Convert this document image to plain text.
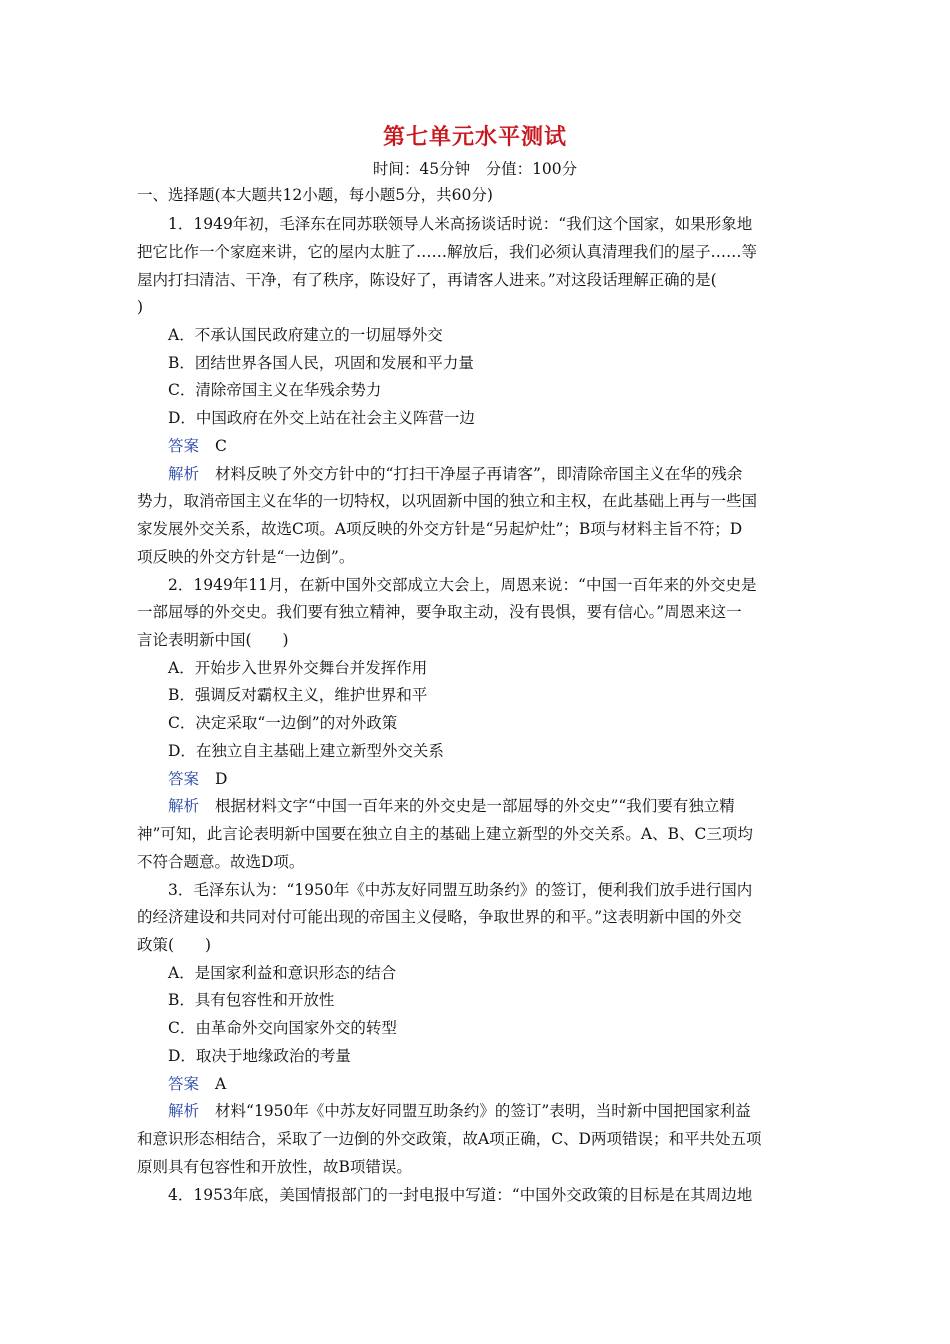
第七单元水平测试
时间：45分钟　分值：100分
一、选择题(本大题共12小题，每小题5分，共60分)
1．1949年初，毛泽东在同苏联领导人米高扬谈话时说：“我们这个国家，如果形象地
把它比作一个家庭来讲，它的屋内太脏了……解放后，我们必须认真清理我们的屋子……等
屋内打扫清洁、干净，有了秩序，陈设好了，再请客人进来。”对这段话理解正确的是(
)
A．不承认国民政府建立的一切屈辱外交
B．团结世界各国人民，巩固和发展和平力量
C．清除帝国主义在华残余势力
D．中国政府在外交上站在社会主义阵营一边
答案 C
解析 材料反映了外交方针中的“打扫干净屋子再请客”，即清除帝国主义在华的残余
势力，取消帝国主义在华的一切特权，以巩固新中国的独立和主权，在此基础上再与一些国
家发展外交关系，故选C项。A项反映的外交方针是“另起炉灶”；B项与材料主旨不符；D
项反映的外交方针是“一边倒”。
2．1949年11月，在新中国外交部成立大会上，周恩来说：“中国一百年来的外交史是
一部屈辱的外交史。我们要有独立精神，要争取主动，没有畏惧，要有信心。”周恩来这一
言论表明新中国(　　)
A．开始步入世界外交舞台并发挥作用
B．强调反对霸权主义，维护世界和平
C．决定采取“一边倒”的对外政策
D．在独立自主基础上建立新型外交关系
答案 D
解析 根据材料文字“中国一百年来的外交史是一部屈辱的外交史”“我们要有独立精
神”可知，此言论表明新中国要在独立自主的基础上建立新型的外交关系。A、B、C三项均
不符合题意。故选D项。
3．毛泽东认为：“1950年《中苏友好同盟互助条约》的签订，便利我们放手进行国内
的经济建设和共同对付可能出现的帝国主义侵略，争取世界的和平。”这表明新中国的外交
政策(　　)
A．是国家利益和意识形态的结合
B．具有包容性和开放性
C．由革命外交向国家外交的转型
D．取决于地缘政治的考量
答案 A
解析 材料“1950年《中苏友好同盟互助条约》的签订”表明，当时新中国把国家利益
和意识形态相结合，采取了一边倒的外交政策，故A项正确，C、D两项错误；和平共处五项
原则具有包容性和开放性，故B项错误。
4．1953年底，美国情报部门的一封电报中写道：“中国外交政策的目标是在其周边地
